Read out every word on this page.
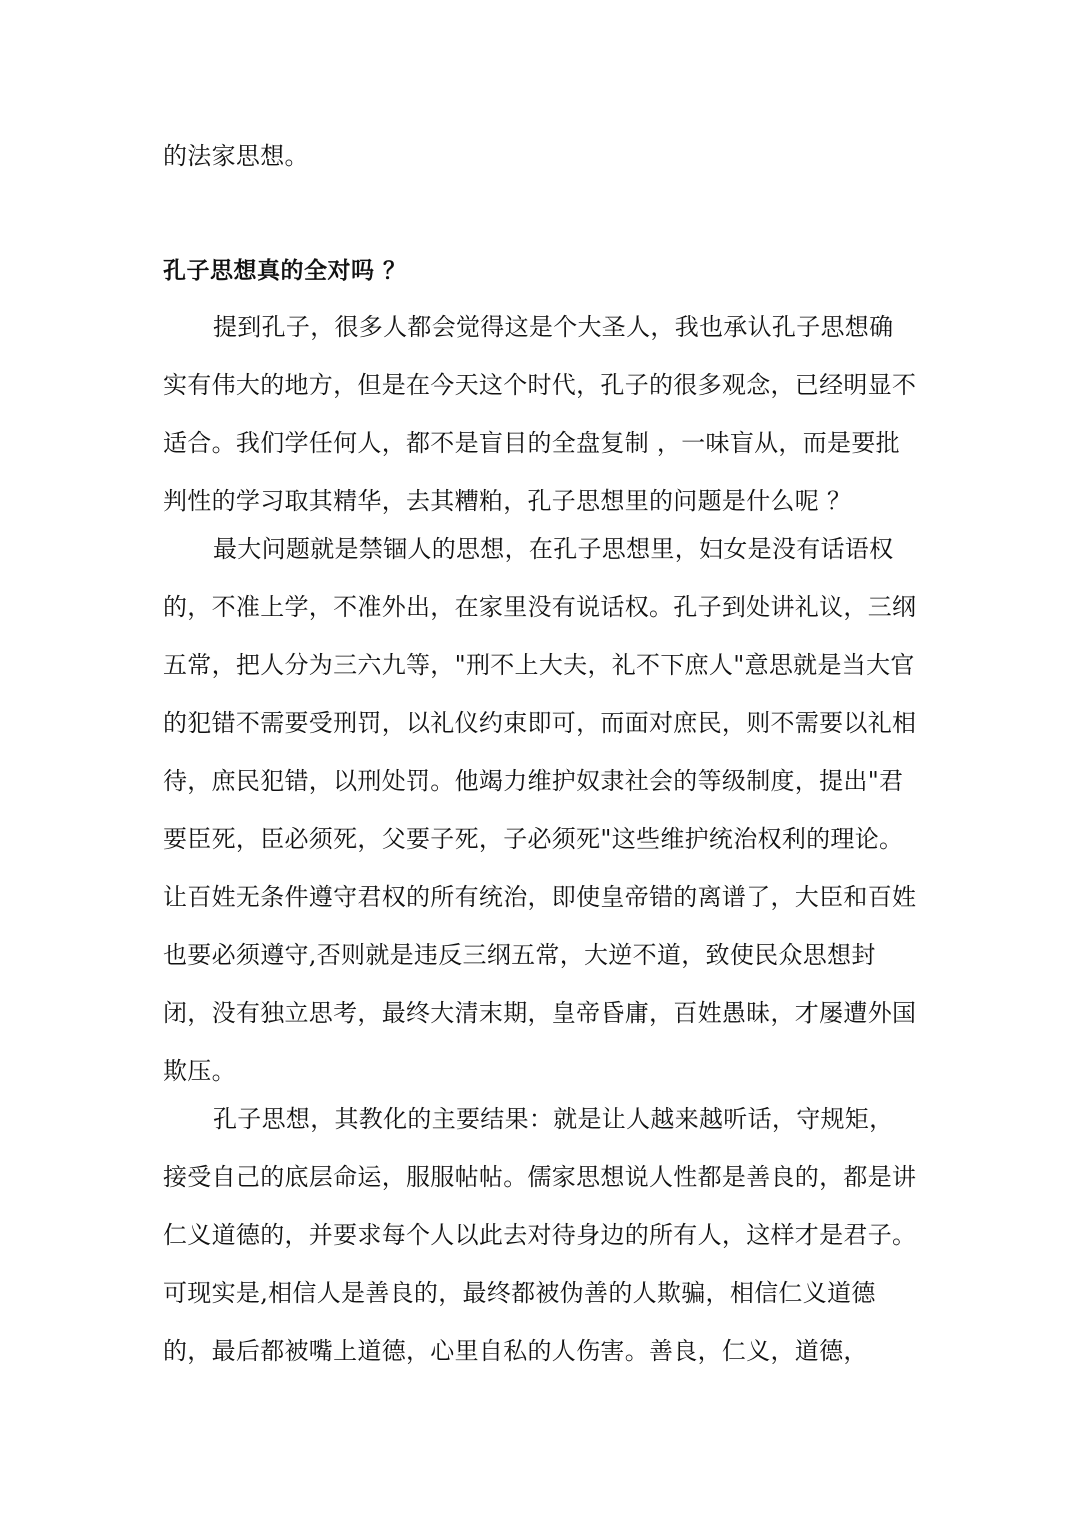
的法家思想。
孔子思想真的全对吗 ？
提到孔子，很多人都会觉得这是个大圣人，我也承认孔子思想确实有伟大的地方，但是在今天这个时代，孔子的很多观念，已经明显不适合。我们学任何人，都不是盲目的全盘复制 ，一味盲从，而是要批判性的学习取其精华，去其糟粕，孔子思想里的问题是什么呢 ？
最大问题就是禁锢人的思想，在孔子思想里，妇女是没有话语权的，不准上学，不准外出，在家里没有说话权。孔子到处讲礼议，三纲五常，把人分为三六九等，"刑不上大夫，礼不下庶人"意思就是当大官的犯错不需要受刑罚，以礼仪约束即可，而面对庶民，则不需要以礼相待，庶民犯错，以刑处罚。他竭力维护奴隶社会的等级制度，提出"君要臣死，臣必须死，父要子死，子必须死"这些维护统治权利的理论。让百姓无条件遵守君权的所有统治，即使皇帝错的离谱了，大臣和百姓也要必须遵守,否则就是违反三纲五常，大逆不道，致使民众思想封闭，没有独立思考，最终大清末期，皇帝昏庸，百姓愚昧，才屡遭外国欺压。
孔子思想，其教化的主要结果：就是让人越来越听话，守规矩，接受自己的底层命运，服服帖帖。儒家思想说人性都是善良的，都是讲仁义道德的，并要求每个人以此去对待身边的所有人，这样才是君子。可现实是,相信人是善良的，最终都被伪善的人欺骗，相信仁义道德的，最后都被嘴上道德，心里自私的人伤害。善良，仁义，道德，
